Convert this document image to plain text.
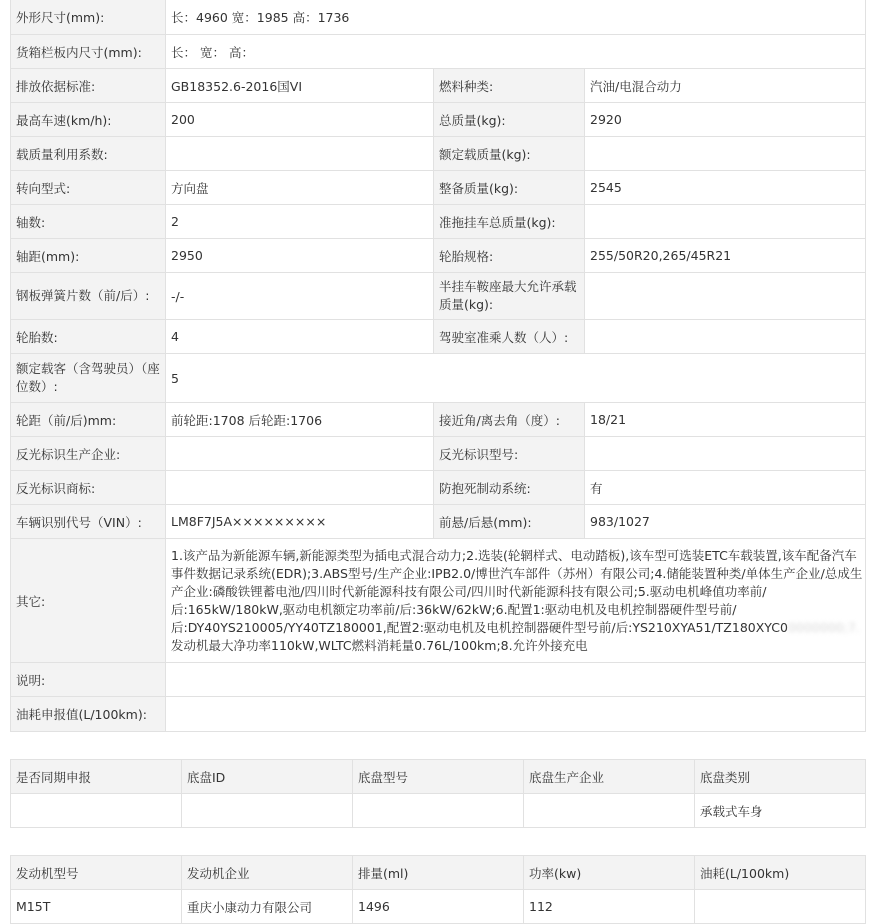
外形尺寸(mm):	长：4960 宽：1985 高：1736		
货箱栏板内尺寸(mm):	长： 宽： 高：		
排放依据标准:	GB18352.6-2016国VI	燃料种类:	汽油/电混合动力
最高车速(km/h):	200	总质量(kg):	2920
载质量利用系数:		额定载质量(kg):	
转向型式:	方向盘	整备质量(kg):	2545
轴数:	2	准拖挂车总质量(kg):	
轴距(mm):	2950	轮胎规格:	255/50R20,265/45R21
钢板弹簧片数（前/后）:	-/-	半挂车鞍座最大允许承载质量(kg):	
轮胎数:	4	驾驶室准乘人数（人）:	
额定载客（含驾驶员）（座位数）:	5		
轮距（前/后)mm:	前轮距:1708 后轮距:1706	接近角/离去角（度）:	18/21
反光标识生产企业:		反光标识型号:	
反光标识商标:		防抱死制动系统:	有
车辆识别代号（VIN）:	LM8F7J5A×××××××××	前悬/后悬(mm):	983/1027
其它:	1.该产品为新能源车辆,新能源类型为插电式混合动力;2.选装(轮辋样式、电动踏板),该车型可选装ETC车载装置,该车配备汽车事件数据记录系统(EDR);3.ABS型号/生产企业:IPB2.0/博世汽车部件（苏州）有限公司;4.储能装置种类/单体生产企业/总成生产企业:磷酸铁锂蓄电池/四川时代新能源科技有限公司/四川时代新能源科技有限公司;5.驱动电机峰值功率前/后:165kW/180kW,驱动电机额定功率前/后:36kW/62kW;6.配置1:驱动电机及电机控制器硬件型号前/后:DY40YS210005/YY40TZ180001,配置2:驱动电机及电机控制器硬件型号前/后:YS210XYA51/TZ180XYC00000000;7.发动机最大净功率110kW,WLTC燃料消耗量0.76L/100km;8.允许外接充电		
说明:			
油耗申报值(L/100km):			
是否同期申报	底盘ID	底盘型号	底盘生产企业	底盘类别
				承载式车身
发动机型号	发动机企业	排量(ml)	功率(kw)	油耗(L/100km)
M15T	重庆小康动力有限公司	1496	112	
